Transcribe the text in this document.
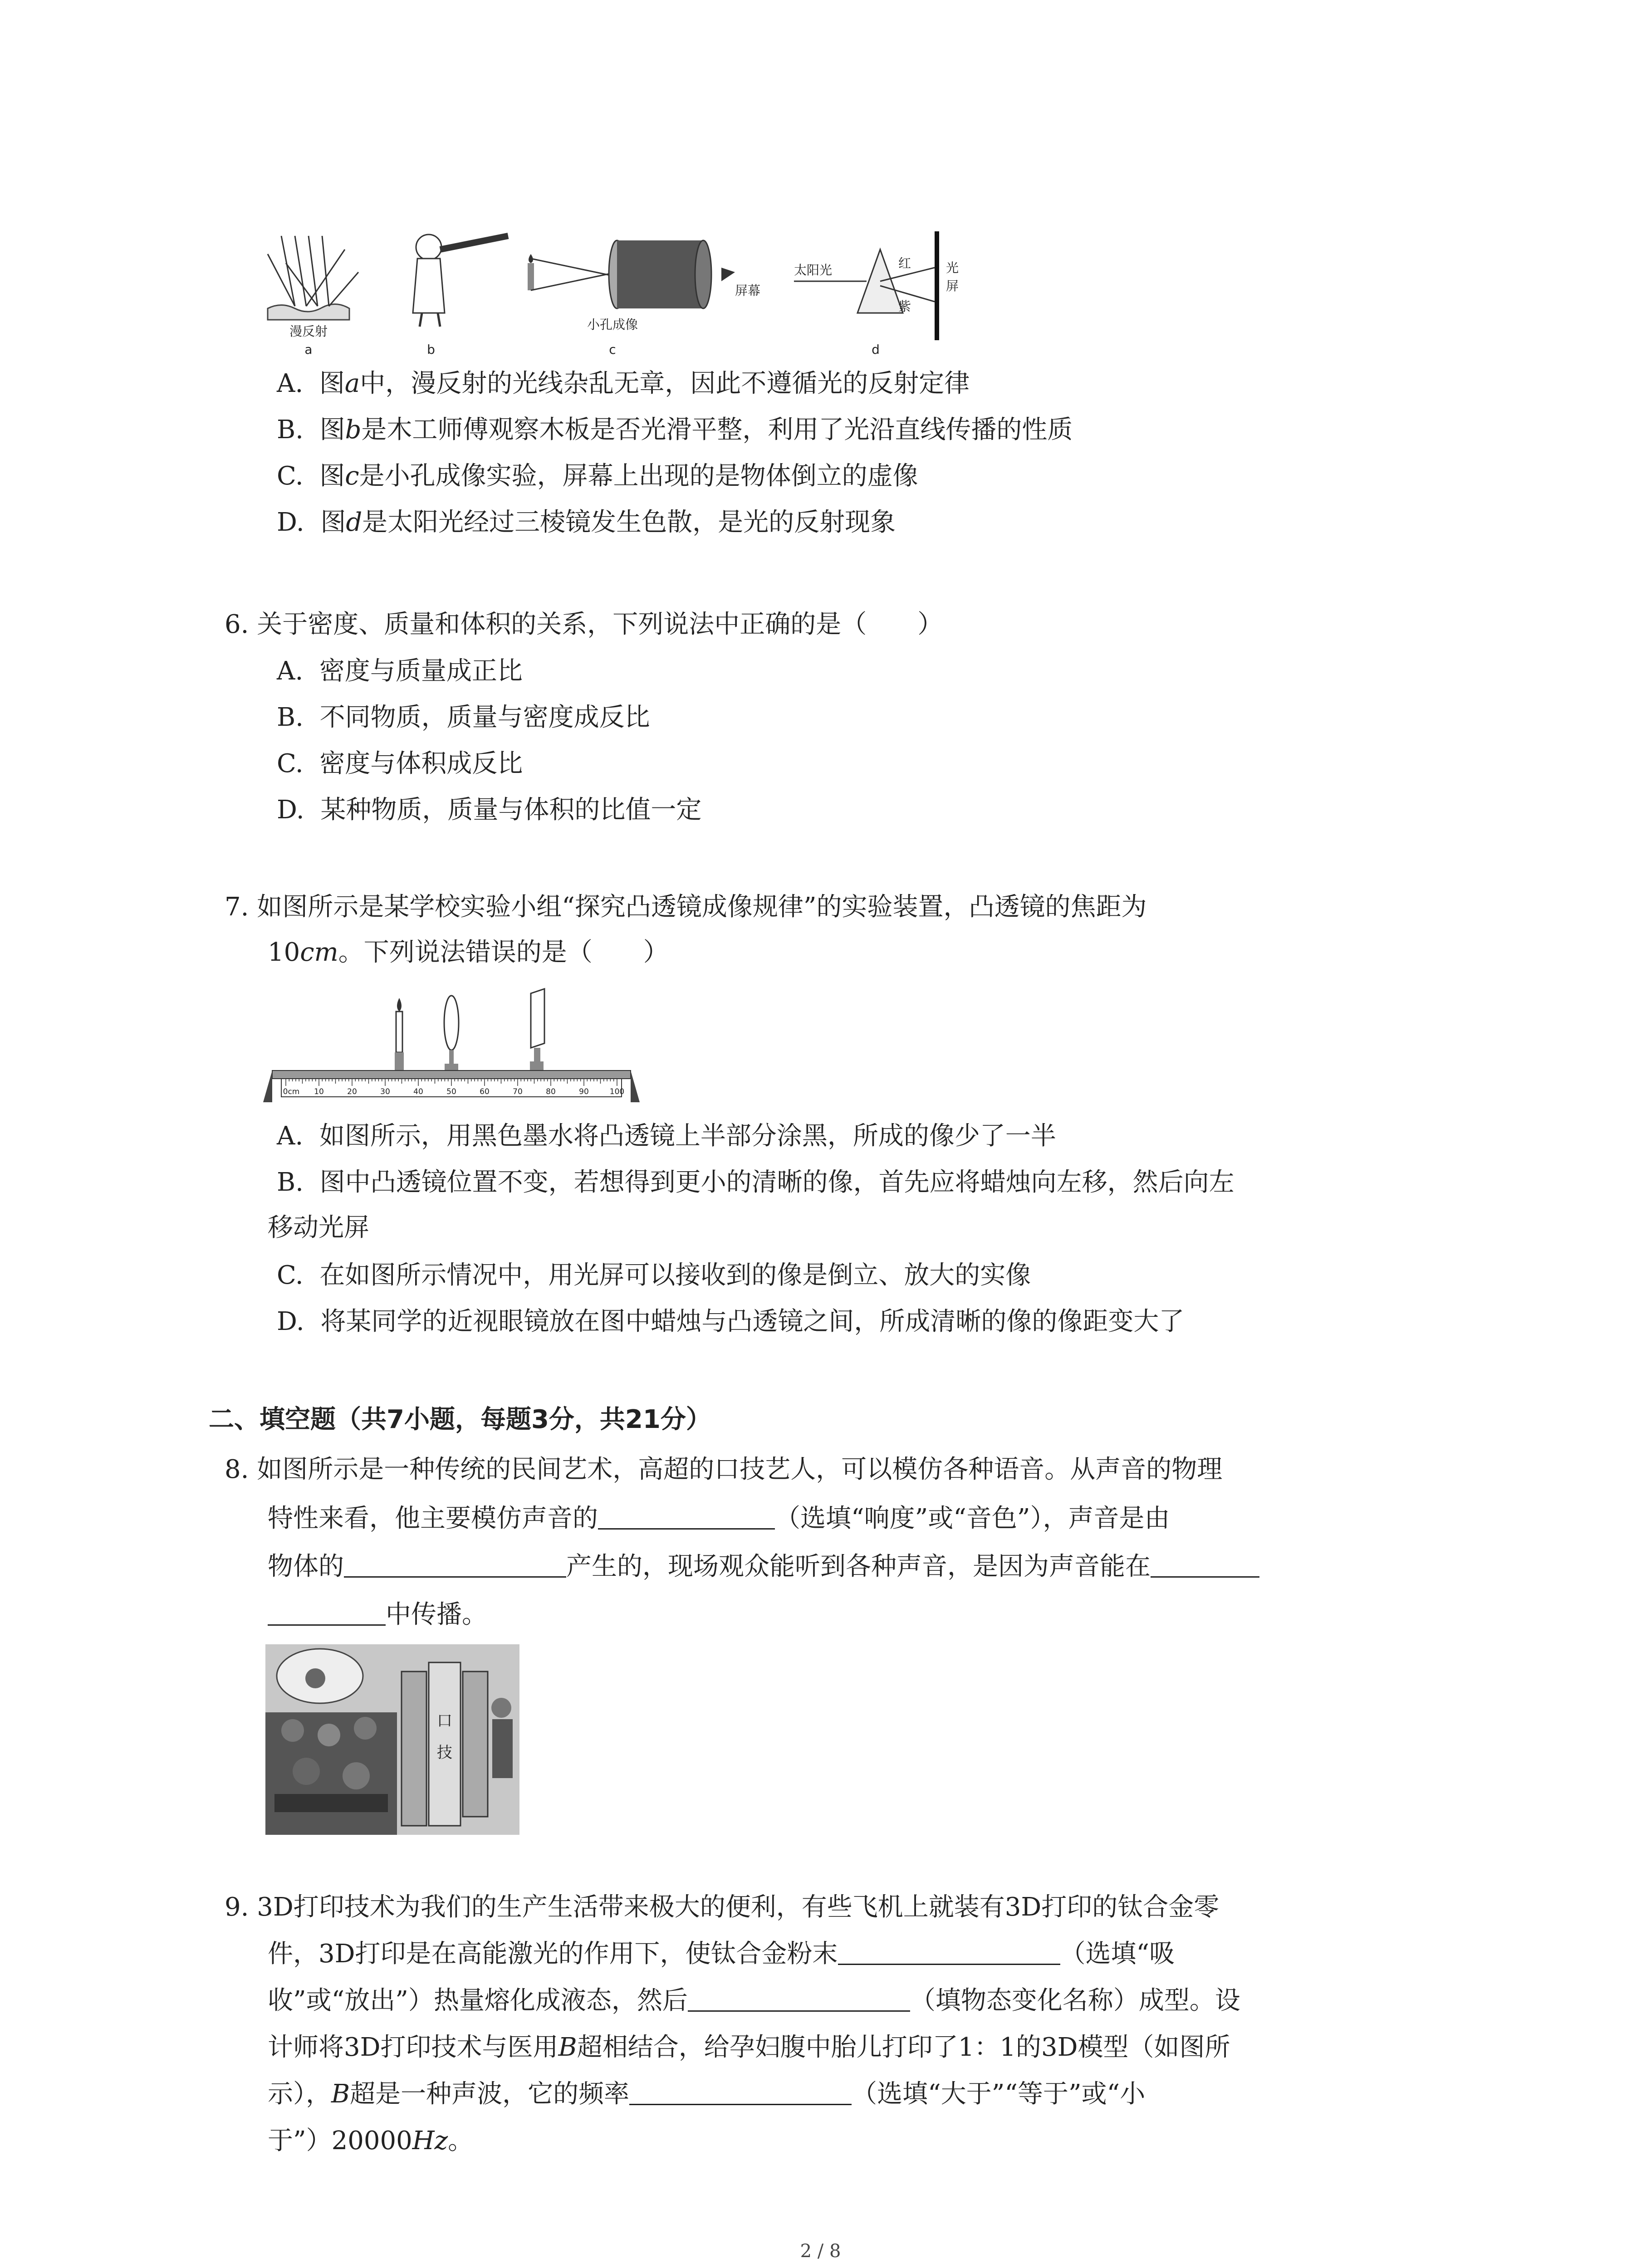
漫反射
a	b
屏幕
小孔成像
c
太阳光	红
紫
光
屏
d
A. 图a中，漫反射的光线杂乱无章，因此不遵循光的反射定律
B. 图b是木工师傅观察木板是否光滑平整，利用了光沿直线传播的性质
C. 图c是小孔成像实验，屏幕上出现的是物体倒立的虚像
D. 图d是太阳光经过三棱镜发生色散，是光的反射现象
6. 关于密度、质量和体积的关系，下列说法中正确的是（　　）
A. 密度与质量成正比
B. 不同物质，质量与密度成反比
C. 密度与体积成反比
D. 某种物质，质量与体积的比值一定
7. 如图所示是某学校实验小组“探究凸透镜成像规律”的实验装置，凸透镜的焦距为
10cm。下列说法错误的是（　　）
0cm 10	20	30	40	50	60	70	80	90	100
A. 如图所示，用黑色墨水将凸透镜上半部分涂黑，所成的像少了一半
B. 图中凸透镜位置不变，若想得到更小的清晰的像，首先应将蜡烛向左移，然后向左
移动光屏
C. 在如图所示情况中，用光屏可以接收到的像是倒立、放大的实像
D. 将某同学的近视眼镜放在图中蜡烛与凸透镜之间，所成清晰的像的像距变大了
二、填空题（共7小题，每题3分，共21分）
8. 如图所示是一种传统的民间艺术，高超的口技艺人，可以模仿各种语音。从声音的物理
特性来看，他主要模仿声音的	（选填“响度”或“音色”），声音是由
物体的	产生的，现场观众能听到各种声音，是因为声音能在
中传播。
口
技
9. 3D打印技术为我们的生产生活带来极大的便利，有些飞机上就装有3D打印的钛合金零
件，3D打印是在高能激光的作用下，使钛合金粉末	（选填“吸
收”或“放出”）热量熔化成液态，然后	（填物态变化名称）成型。设
计师将3D打印技术与医用B超相结合，给孕妇腹中胎儿打印了1：1的3D模型（如图所
示），B超是一种声波，它的频率	（选填“大于”“等于”或“小
于”）20000Hz。
2 / 8
